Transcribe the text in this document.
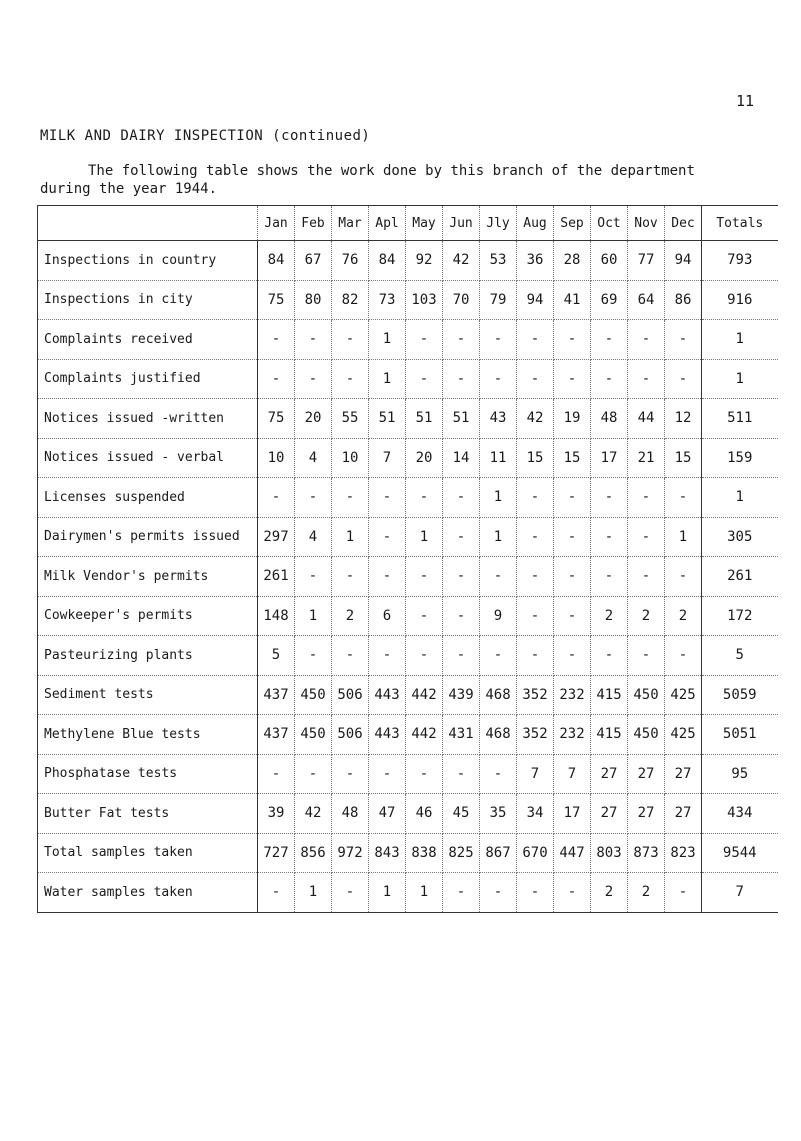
11
MILK AND DAIRY INSPECTION (continued)

The following table shows the work done by this branch of the department

during the year 1944.

	Jan	Feb	Mar	Apl	May	Jun	Jly	Aug	Sep	Oct	Nov	Dec	Totals
Inspections in country	84	67	76	84	92	42	53	36	28	60	77	94	793
Inspections in city	75	80	82	73	103	70	79	94	41	69	64	86	916
Complaints received	-	-	-	1	-	-	-	-	-	-	-	-	1
Complaints justified	-	-	-	1	-	-	-	-	-	-	-	-	1
Notices issued -written	75	20	55	51	51	51	43	42	19	48	44	12	511
Notices issued - verbal	10	4	10	7	20	14	11	15	15	17	21	15	159
Licenses suspended	-	-	-	-	-	-	1	-	-	-	-	-	1
Dairymen's permits issued	297	4	1	-	1	-	1	-	-	-	-	1	305
Milk Vendor's permits	261	-	-	-	-	-	-	-	-	-	-	-	261
Cowkeeper's permits	148	1	2	6	-	-	9	-	-	2	2	2	172
Pasteurizing plants	5	-	-	-	-	-	-	-	-	-	-	-	5
Sediment tests	437	450	506	443	442	439	468	352	232	415	450	425	5059
Methylene Blue tests	437	450	506	443	442	431	468	352	232	415	450	425	5051
Phosphatase tests	-	-	-	-	-	-	-	7	7	27	27	27	95
Butter Fat tests	39	42	48	47	46	45	35	34	17	27	27	27	434
Total samples taken	727	856	972	843	838	825	867	670	447	803	873	823	9544
Water samples taken	-	1	-	1	1	-	-	-	-	2	2	-	7
